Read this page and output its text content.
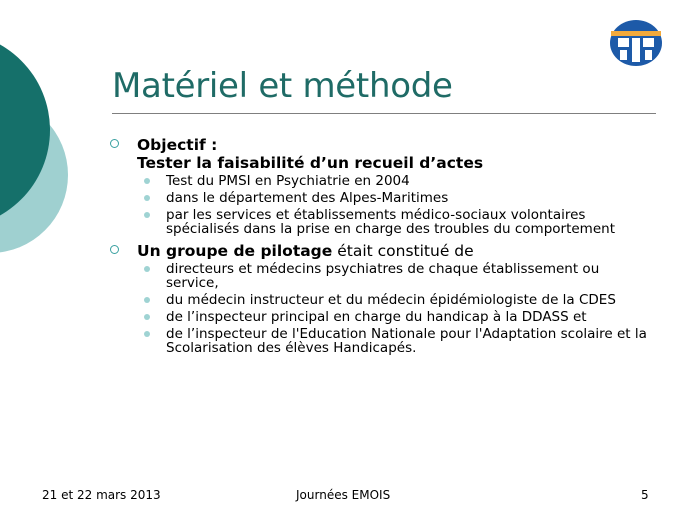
Matériel et méthode
Objectif :
Tester la faisabilité d’un recueil d’actes
Test du PMSI en Psychiatrie en 2004
dans le département des Alpes-Maritimes
par les services et établissements médico-sociaux volontaires spécialisés dans la prise en charge des troubles du comportement
Un groupe de pilotage était constitué de
directeurs et médecins psychiatres de chaque établissement ou service,
du médecin instructeur et du médecin épidémiologiste de la CDES
de l’inspecteur principal en charge du handicap à la DDASS et
de l’inspecteur de l'Education Nationale pour l'Adaptation scolaire et la Scolarisation des élèves Handicapés.
21 et 22 mars 2013	Journées EMOIS	5
